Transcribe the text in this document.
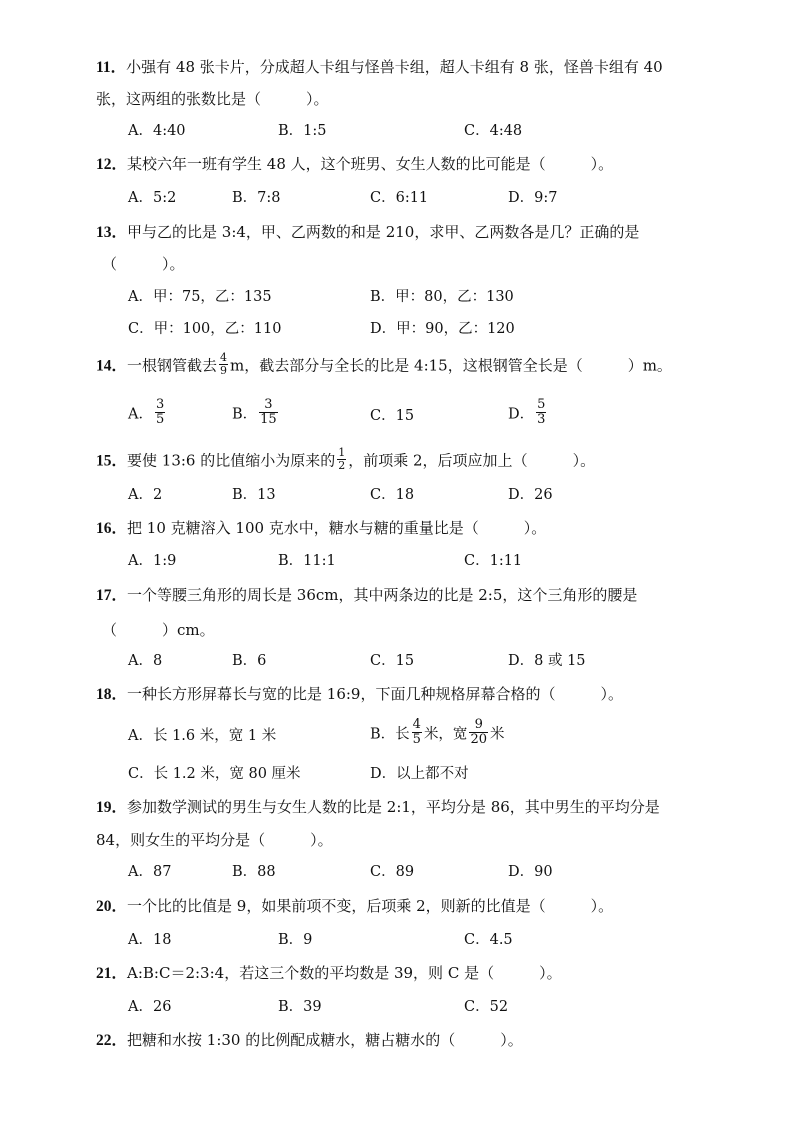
11．小强有 48 张卡片，分成超人卡组与怪兽卡组，超人卡组有 8 张，怪兽卡组有 40
张，这两组的张数比是（　　　）。
A．4:40	B．1:5	C．4:48
12．某校六年一班有学生 48 人，这个班男、女生人数的比可能是（　　　）。
A．5:2	B．7:8	C．6:11	D．9:7
13．甲与乙的比是 3:4，甲、乙两数的和是 210，求甲、乙两数各是几？正确的是
（　　　）。
A．甲：75，乙：135	B．甲：80，乙：130
C．甲：100，乙：110	D．甲：90，乙：120
14．一根钢管截去 $\frac{4}{9}$ m，截去部分与全长的比是 4:15，这根钢管全长是（　　　）m。
A． $\frac{3}{5}$	B． $\frac{3}{15}$	C．15	D． $\frac{5}{3}$
15．要使 13:6 的比值缩小为原来的 $\frac{1}{2}$ ，前项乘 2，后项应加上（　　　）。
A．2	B．13	C．18	D．26
16．把 10 克糖溶入 100 克水中，糖水与糖的重量比是（　　　）。
A．1:9	B．11:1	C．1:11
17．一个等腰三角形的周长是 36cm，其中两条边的比是 2:5，这个三角形的腰是
（　　　）cm。
A．8	B．6	C．15	D．8 或 15
18．一种长方形屏幕长与宽的比是 16:9，下面几种规格屏幕合格的（　　　）。
A．长 1.6 米，宽 1 米	B．长 $\frac{4}{5}$ 米，宽 $\frac{9}{20}$ 米
C．长 1.2 米，宽 80 厘米	D．以上都不对
19．参加数学测试的男生与女生人数的比是 2:1，平均分是 86，其中男生的平均分是
84，则女生的平均分是（　　　）。
A．87	B．88	C．89	D．90
20．一个比的比值是 9，如果前项不变，后项乘 2，则新的比值是（　　　）。
A．18	B．9	C．4.5
21．A:B:C＝2:3:4，若这三个数的平均数是 39，则 C 是（　　　）。
A．26	B．39	C．52
22．把糖和水按 1:30 的比例配成糖水，糖占糖水的（　　　）。
